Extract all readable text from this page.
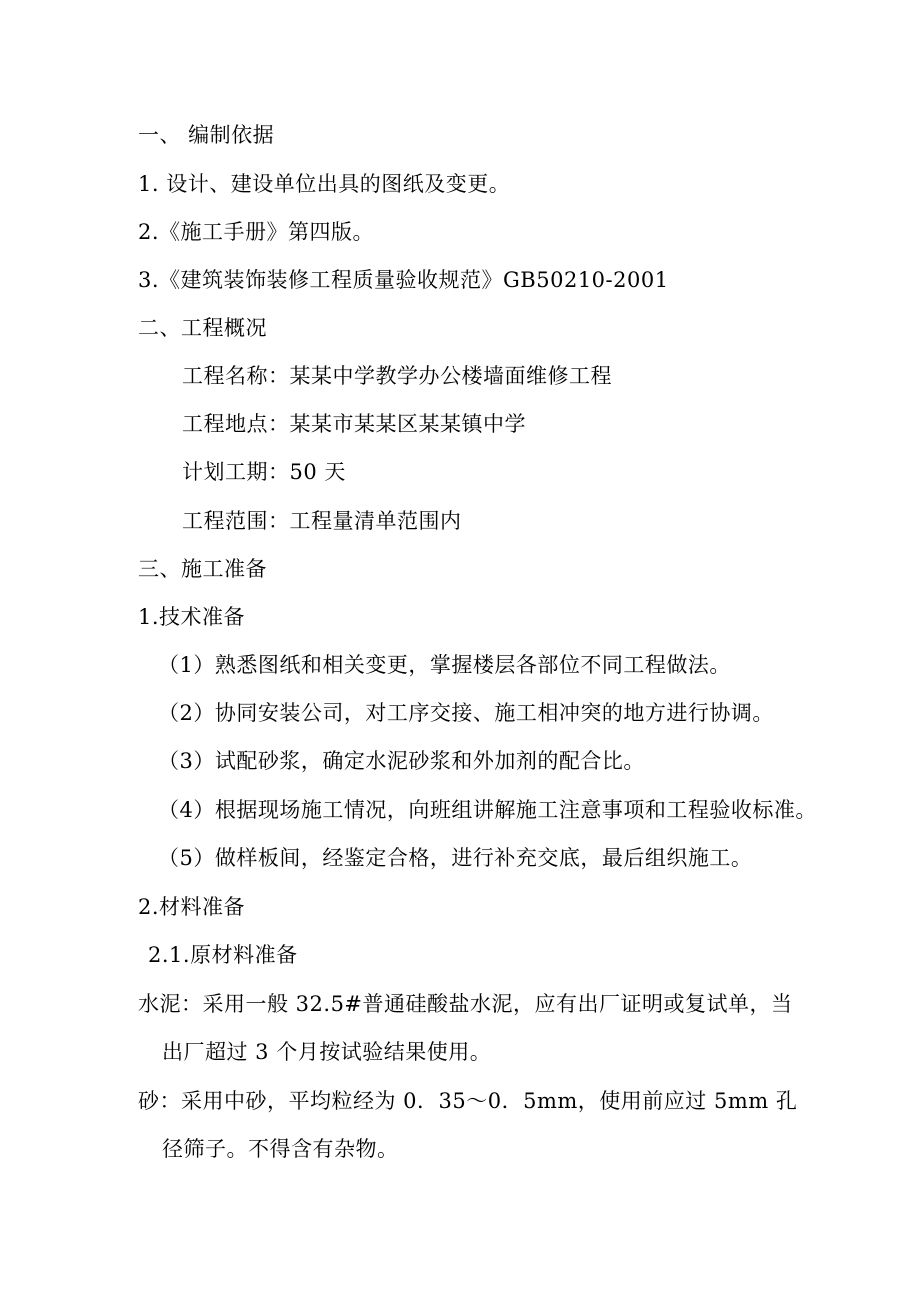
一、 编制依据
1. 设计、建设单位出具的图纸及变更。
2.《施工手册》第四版。
3.《建筑装饰装修工程质量验收规范》GB50210-2001
二、工程概况
工程名称：某某中学教学办公楼墙面维修工程
工程地点：某某市某某区某某镇中学
计划工期：50 天
工程范围：工程量清单范围内
三、施工准备
1.技术准备
（1）熟悉图纸和相关变更，掌握楼层各部位不同工程做法。
（2）协同安装公司，对工序交接、施工相冲突的地方进行协调。
（3）试配砂浆，确定水泥砂浆和外加剂的配合比。
（4）根据现场施工情况，向班组讲解施工注意事项和工程验收标准。
（5）做样板间，经鉴定合格，进行补充交底，最后组织施工。
2.材料准备
2.1.原材料准备
水泥：采用一般 32.5#普通硅酸盐水泥，应有出厂证明或复试单，当
出厂超过 3 个月按试验结果使用。
砂：采用中砂，平均粒经为 0．35～0．5mm，使用前应过 5mm 孔
径筛子。不得含有杂物。
